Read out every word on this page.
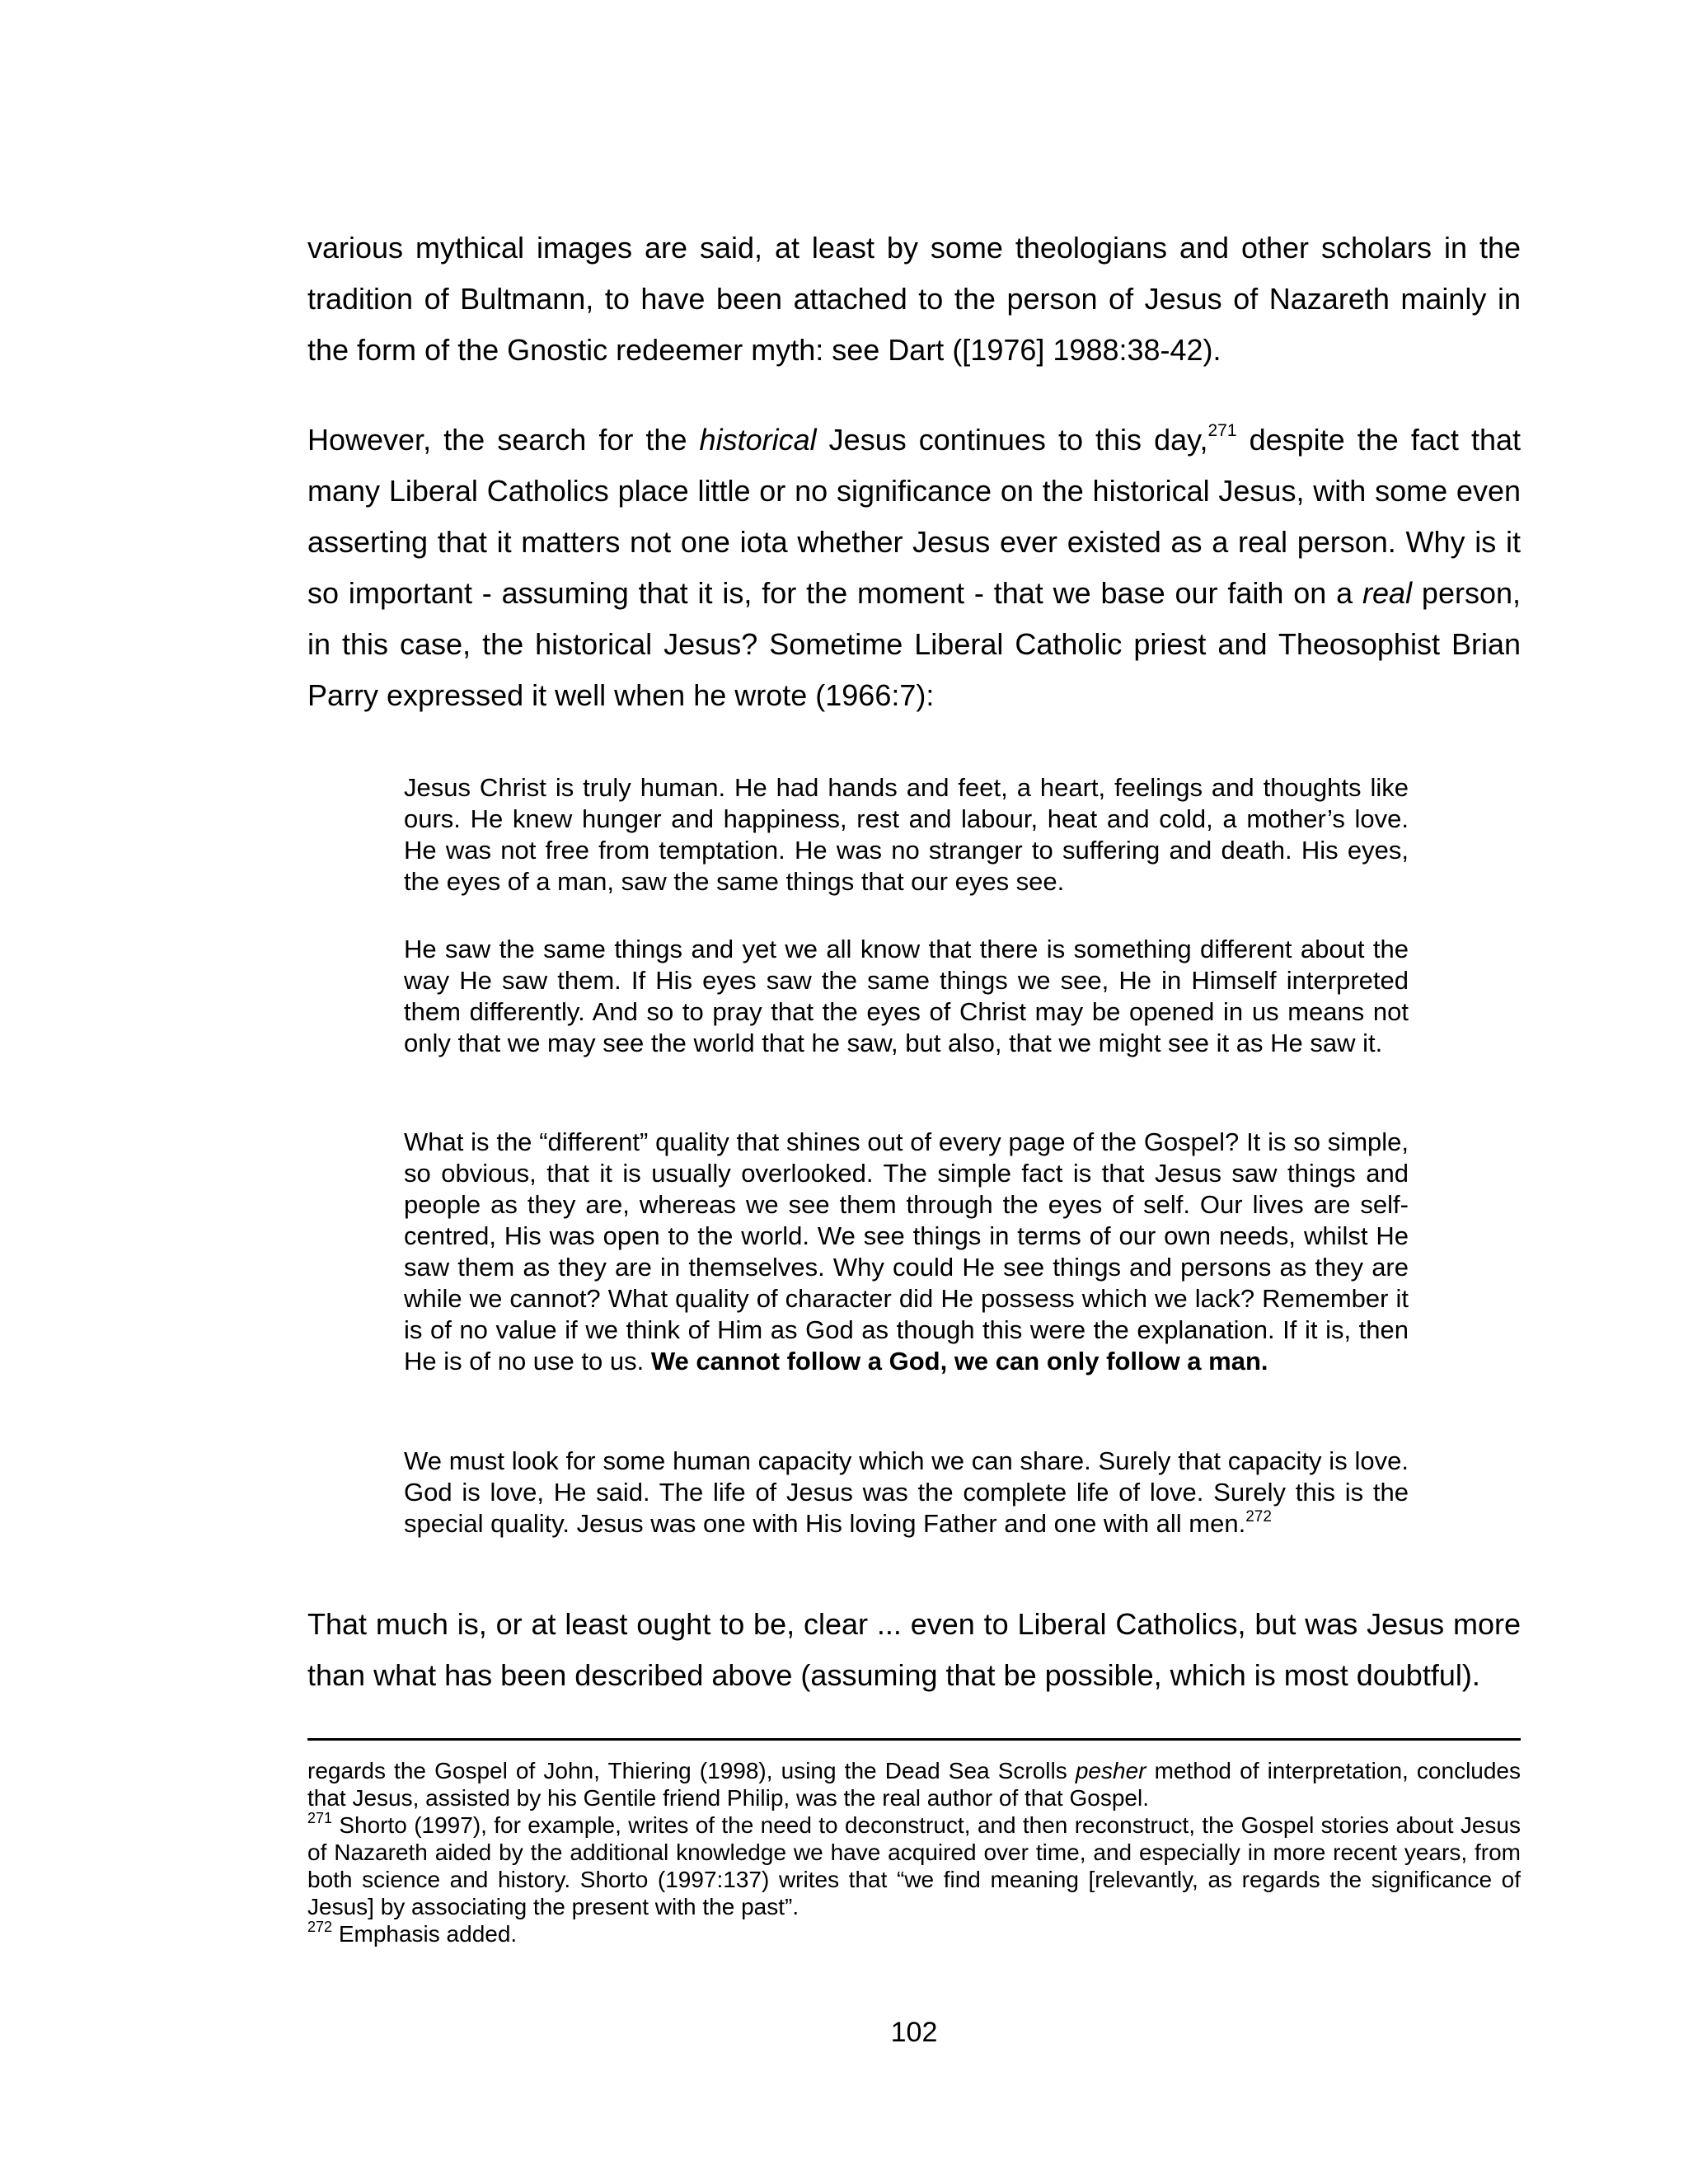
various mythical images are said, at least by some theologians and other scholars in the tradition of Bultmann, to have been attached to the person of Jesus of Nazareth mainly in the form of the Gnostic redeemer myth: see Dart ([1976] 1988:38-42).

However, the search for the historical Jesus continues to this day,$^{271}$ despite the fact that many Liberal Catholics place little or no significance on the historical Jesus, with some even asserting that it matters not one iota whether Jesus ever existed as a real person. Why is it so important - assuming that it is, for the moment - that we base our faith on a real person, in this case, the historical Jesus? Sometime Liberal Catholic priest and Theosophist Brian Parry expressed it well when he wrote (1966:7):

Jesus Christ is truly human. He had hands and feet, a heart, feelings and thoughts like ours. He knew hunger and happiness, rest and labour, heat and cold, a mother’s love. He was not free from temptation. He was no stranger to suffering and death. His eyes, the eyes of a man, saw the same things that our eyes see.

He saw the same things and yet we all know that there is something different about the way He saw them. If His eyes saw the same things we see, He in Himself interpreted them differently. And so to pray that the eyes of Christ may be opened in us means not only that we may see the world that he saw, but also, that we might see it as He saw it.

What is the “different” quality that shines out of every page of the Gospel? It is so simple, so obvious, that it is usually overlooked. The simple fact is that Jesus saw things and people as they are, whereas we see them through the eyes of self. Our lives are self-centred, His was open to the world. We see things in terms of our own needs, whilst He saw them as they are in themselves. Why could He see things and persons as they are while we cannot? What quality of character did He possess which we lack? Remember it is of no value if we think of Him as God as though this were the explanation. If it is, then He is of no use to us. We cannot follow a God, we can only follow a man.

We must look for some human capacity which we can share. Surely that capacity is love. God is love, He said. The life of Jesus was the complete life of love. Surely this is the special quality. Jesus was one with His loving Father and one with all men.$^{272}$

That much is, or at least ought to be, clear ... even to Liberal Catholics, but was Jesus more than what has been described above (assuming that be possible, which is most doubtful).

regards the Gospel of John, Thiering (1998), using the Dead Sea Scrolls pesher method of interpretation, concludes that Jesus, assisted by his Gentile friend Philip, was the real author of that Gospel.

$^{271}$ Shorto (1997), for example, writes of the need to deconstruct, and then reconstruct, the Gospel stories about Jesus of Nazareth aided by the additional knowledge we have acquired over time, and especially in more recent years, from both science and history. Shorto (1997:137) writes that “we find meaning [relevantly, as regards the significance of Jesus] by associating the present with the past”.

$^{272}$ Emphasis added.

102
